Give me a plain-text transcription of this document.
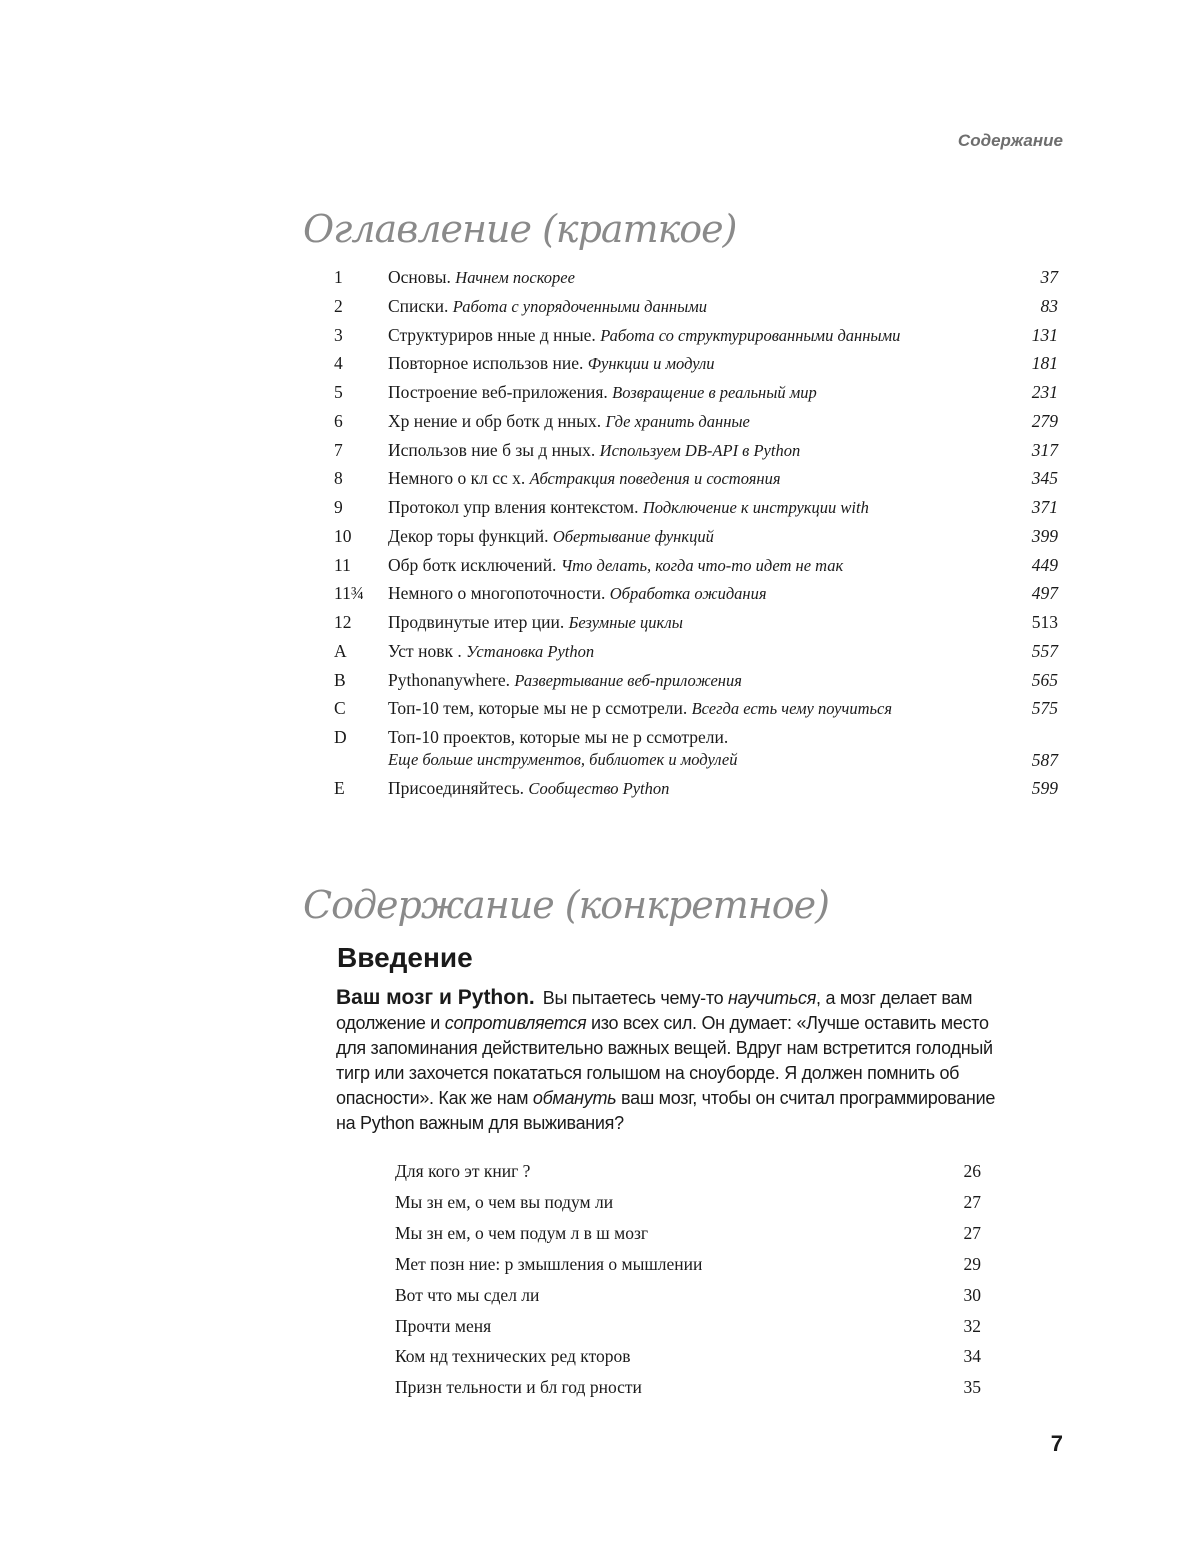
Содержание
Оглавление (краткое)
1	Основы. Начнем поскорее	37
2	Списки. Работа с упорядоченными данными	83
3	Структуриров нные д нные. Работа со структурированными данными	131
4	Повторное использов ние. Функции и модули	181
5	Построение веб-приложения. Возвращение в реальный мир	231
6	Хр нение и обр ботк д нных. Где хранить данные	279
7	Использов ние б зы д нных. Используем DB-API в Python	317
8	Немного о кл сс х. Абстракция поведения и состояния	345
9	Протокол упр вления контекстом. Подключение к инструкции with	371
10 Декор торы функций. Обертывание функций	399
11 Обр ботк исключений. Что делать, когда что-то идет не так	449
11¾ Немного о многопоточности. Обработка ожидания	497
12 Продвинутые итер ции. Безумные циклы	513
A Уст новк . Установка Python	557
B Pythonanywhere. Развертывание веб-приложения	565
C Топ-10 тем, которые мы не р ссмотрели. Всегда есть чему поучиться	575
D Топ-10 проектов, которые мы не р ссмотрели.
Еще больше инструментов, библиотек и модулей	587
E Присоединяйтесь. Сообщество Python	599
Содержание (конкретное)
Введение
Ваш мозг и Python. Вы пытаетесь чему-то научиться, а мозг делает вам одолжение и сопротивляется изо всех сил. Он думает: «Лучше оставить место для запоминания действительно важных вещей. Вдруг нам встретится голодный тигр или захочется покататься голышом на сноуборде. Я должен помнить об опасности». Как же нам обмануть ваш мозг, чтобы он считал программирование на Python важным для выживания?
Для кого эт книг ?	26
Мы зн ем, о чем вы подум ли	27
Мы зн ем, о чем подум л в ш мозг	27
Мет позн ние: р змышления о мышлении	29
Вот что мы сдел ли	30
Прочти меня	32
Ком нд технических ред кторов	34
Призн тельности и бл год рности	35
7
